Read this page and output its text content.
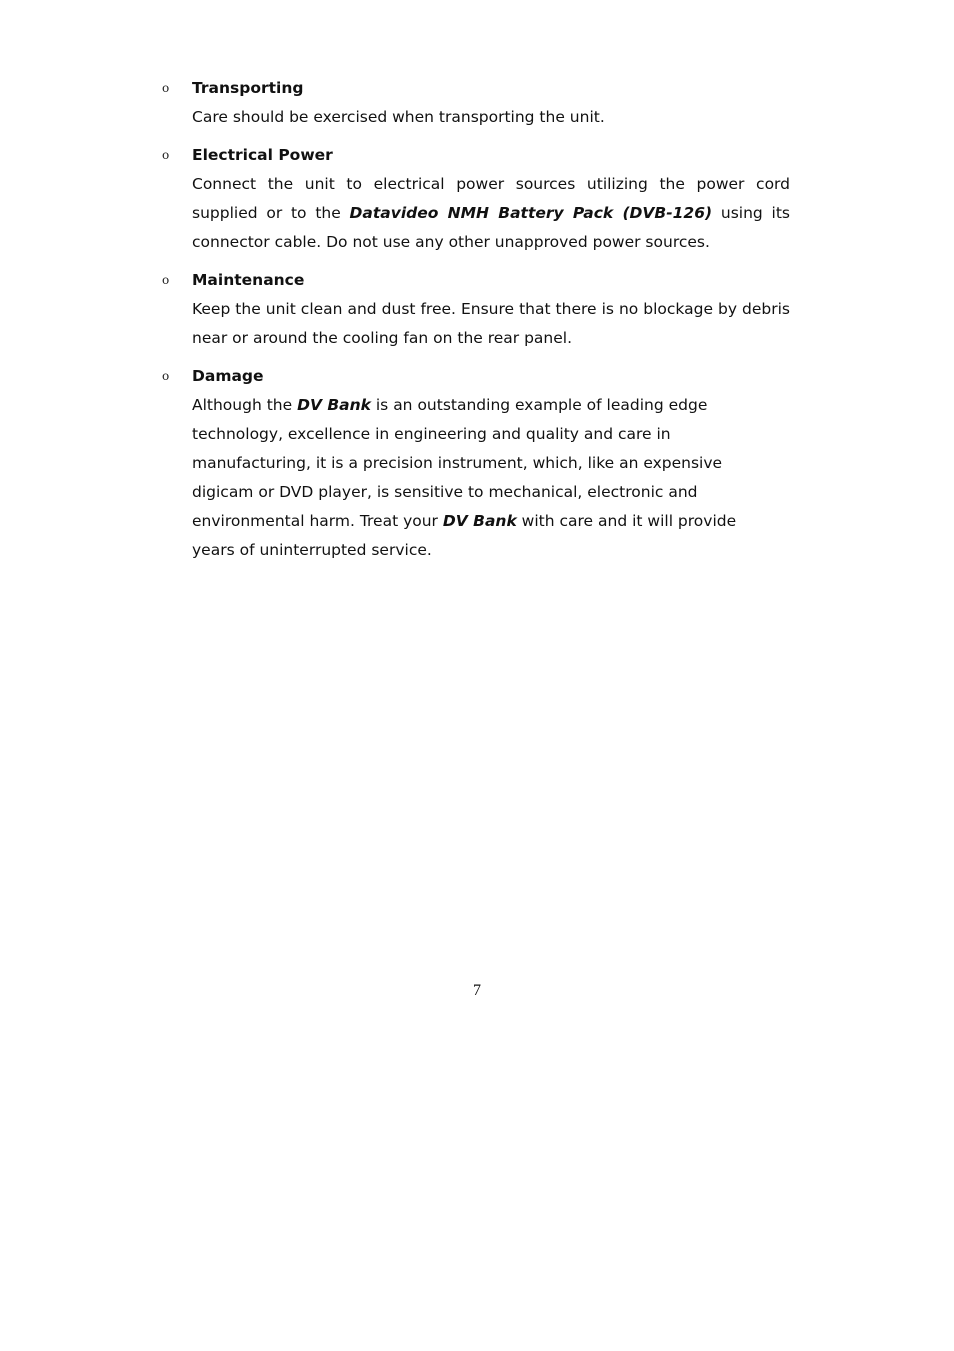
o Transporting

Care should be exercised when transporting the unit.

o Electrical Power

Connect the unit to electrical power sources utilizing the power cord supplied or to the Datavideo NMH Battery Pack (DVB-126) using its connector cable. Do not use any other unapproved power sources.

o Maintenance

Keep the unit clean and dust free. Ensure that there is no blockage by debris near or around the cooling fan on the rear panel.

o Damage
Although the DV Bank is an outstanding example of leading edge
technology, excellence in engineering and quality and care in
manufacturing, it is a precision instrument, which, like an expensive
digicam or DVD player, is sensitive to mechanical, electronic and
environmental harm. Treat your DV Bank with care and it will provide
years of uninterrupted service.
7
